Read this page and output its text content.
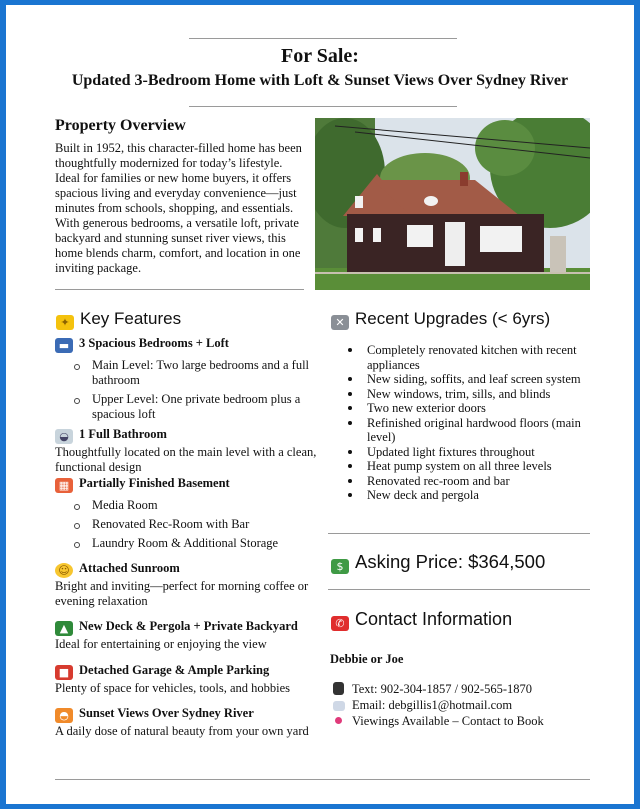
For Sale:
Updated 3-Bedroom Home with Loft & Sunset Views Over Sydney River
Property Overview
Built in 1952, this character-filled home has been thoughtfully modernized for today’s lifestyle. Ideal for families or new home buyers, it offers spacious living and everyday convenience—just minutes from schools, shopping, and essentials. With generous bedrooms, a versatile loft, private backyard and stunning sunset river views, this home blends charm, comfort, and location in one inviting package.
✦ Key Features
▬ 3 Spacious Bedrooms + Loft
Main Level: Two large bedrooms and a full bathroom
Upper Level: One private bedroom plus a spacious loft
◒ 1 Full Bathroom
Thoughtfully located on the main level with a clean, functional design
▦ Partially Finished Basement
Media Room
Renovated Rec-Room with Bar
Laundry Room & Additional Storage
☺ Attached Sunroom
Bright and inviting—perfect for morning coffee or evening relaxation
▲ New Deck & Pergola + Private Backyard
Ideal for entertaining or enjoying the view
■ Detached Garage & Ample Parking
Plenty of space for vehicles, tools, and hobbies
◓ Sunset Views Over Sydney River
A daily dose of natural beauty from your own yard
✕ Recent Upgrades (< 6yrs)
Completely renovated kitchen with recent appliances
New siding, soffits, and leaf screen system
New windows, trim, sills, and blinds
Two new exterior doors
Refinished original hardwood floors (main level)
Updated light fixtures throughout
Heat pump system on all three levels
Renovated rec-room and bar
New deck and pergola
$ Asking Price: $364,500
✆ Contact Information
Debbie or Joe
Text: 902-304-1857 / 902-565-1870
Email: debgillis1@hotmail.com
Viewings Available – Contact to Book
